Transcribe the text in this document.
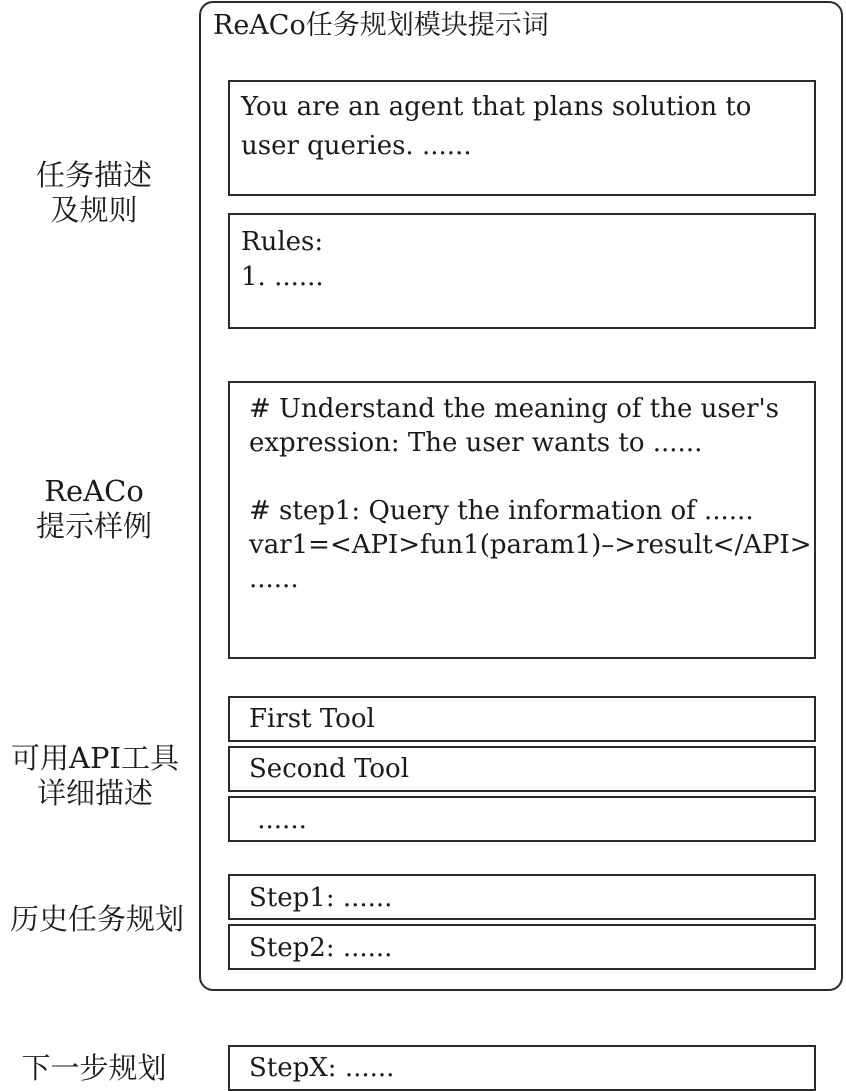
ReACo任务规划模块提示词
任务描述
及规则
ReACo
提示样例
可用API工具
详细描述
历史任务规划
下一步规划
You are an agent that plans solution to
user queries. ......
Rules:
1. ......
# Understand the meaning of the user's
expression: The user wants to ......
# step1: Query the information of ......
var1=<API>fun1(param1)–>result</API>
......
First Tool
Second Tool
......
Step1: ......
Step2: ......
StepX: ......
